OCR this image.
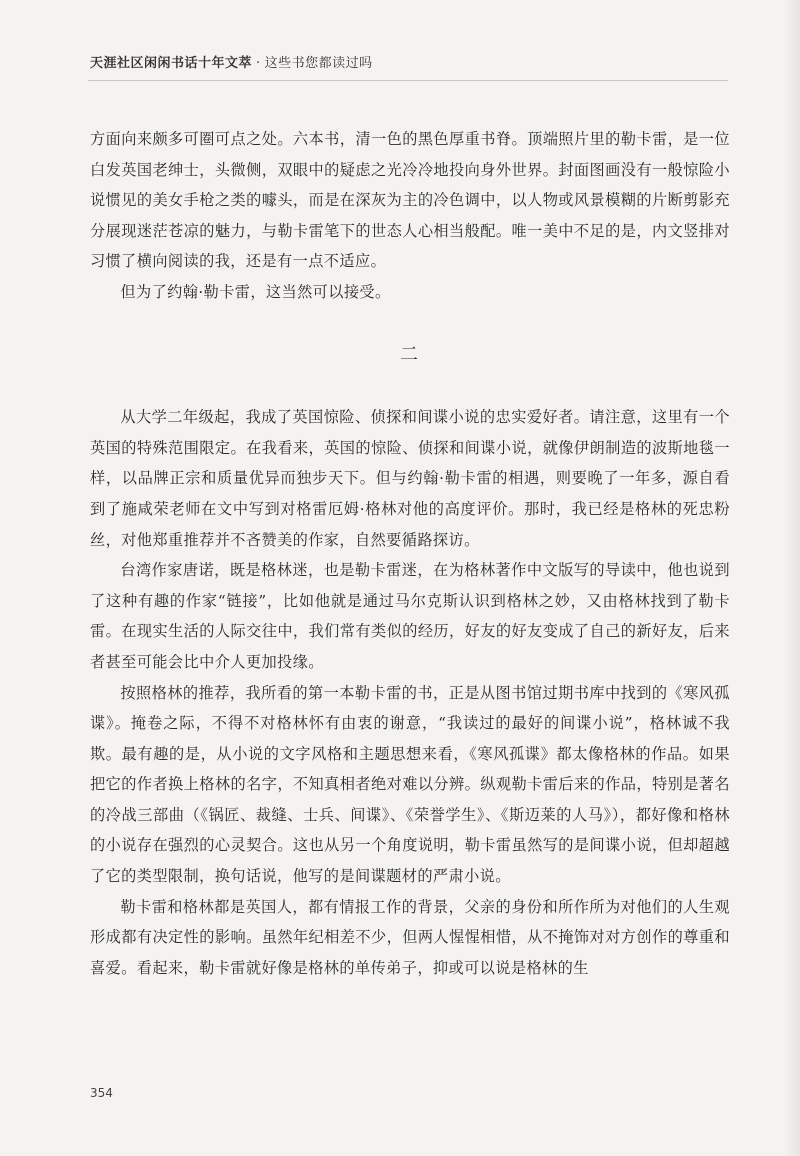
天涯社区闲闲书话十年文萃 · 这些书您都读过吗

方面向来颇多可圈可点之处。六本书，清一色的黑色厚重书脊。顶端照片里的勒卡雷，是一位白发英国老绅士，头微侧，双眼中的疑虑之光冷冷地投向身外世界。封面图画没有一般惊险小说惯见的美女手枪之类的噱头，而是在深灰为主的冷色调中，以人物或风景模糊的片断剪影充分展现迷茫苍凉的魅力，与勒卡雷笔下的世态人心相当般配。唯一美中不足的是，内文竖排对习惯了横向阅读的我，还是有一点不适应。

但为了约翰·勒卡雷，这当然可以接受。

二

从大学二年级起，我成了英国惊险、侦探和间谍小说的忠实爱好者。请注意，这里有一个英国的特殊范围限定。在我看来，英国的惊险、侦探和间谍小说，就像伊朗制造的波斯地毯一样，以品牌正宗和质量优异而独步天下。但与约翰·勒卡雷的相遇，则要晚了一年多，源自看到了施咸荣老师在文中写到对格雷厄姆·格林对他的高度评价。那时，我已经是格林的死忠粉丝，对他郑重推荐并不吝赞美的作家，自然要循路探访。

台湾作家唐诺，既是格林迷，也是勒卡雷迷，在为格林著作中文版写的导读中，他也说到了这种有趣的作家“链接”，比如他就是通过马尔克斯认识到格林之妙，又由格林找到了勒卡雷。在现实生活的人际交往中，我们常有类似的经历，好友的好友变成了自己的新好友，后来者甚至可能会比中介人更加投缘。

按照格林的推荐，我所看的第一本勒卡雷的书，正是从图书馆过期书库中找到的《寒风孤谍》。掩卷之际，不得不对格林怀有由衷的谢意，“我读过的最好的间谍小说”，格林诚不我欺。最有趣的是，从小说的文字风格和主题思想来看，《寒风孤谍》都太像格林的作品。如果把它的作者换上格林的名字，不知真相者绝对难以分辨。纵观勒卡雷后来的作品，特别是著名的冷战三部曲（《锅匠、裁缝、士兵、间谍》、《荣誉学生》、《斯迈莱的人马》），都好像和格林的小说存在强烈的心灵契合。这也从另一个角度说明，勒卡雷虽然写的是间谍小说，但却超越了它的类型限制，换句话说，他写的是间谍题材的严肃小说。

勒卡雷和格林都是英国人，都有情报工作的背景，父亲的身份和所作所为对他们的人生观形成都有决定性的影响。虽然年纪相差不少，但两人惺惺相惜，从不掩饰对对方创作的尊重和喜爱。看起来，勒卡雷就好像是格林的单传弟子，抑或可以说是格林的生

354
